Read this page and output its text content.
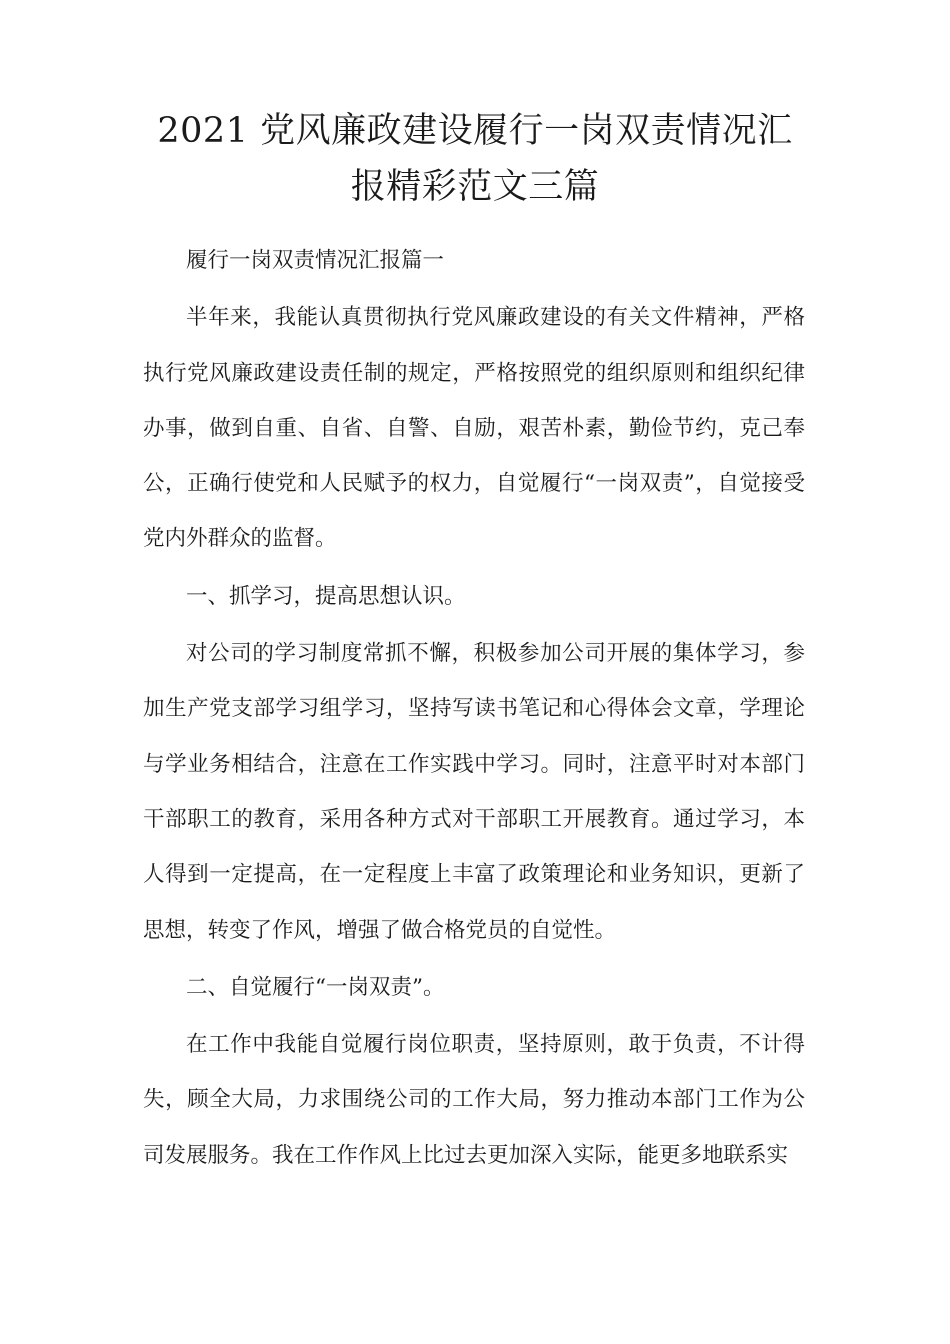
2021 党风廉政建设履行一岗双责情况汇
报精彩范文三篇

履行一岗双责情况汇报篇一

半年来，我能认真贯彻执行党风廉政建设的有关文件精神，严格执行党风廉政建设责任制的规定，严格按照党的组织原则和组织纪律办事，做到自重、自省、自警、自励，艰苦朴素，勤俭节约，克己奉公，正确行使党和人民赋予的权力，自觉履行“一岗双责”，自觉接受党内外群众的监督。

一、抓学习，提高思想认识。

对公司的学习制度常抓不懈，积极参加公司开展的集体学习，参加生产党支部学习组学习，坚持写读书笔记和心得体会文章，学理论与学业务相结合，注意在工作实践中学习。同时，注意平时对本部门干部职工的教育，采用各种方式对干部职工开展教育。通过学习，本人得到一定提高，在一定程度上丰富了政策理论和业务知识，更新了思想，转变了作风，增强了做合格党员的自觉性。

二、自觉履行“一岗双责”。

在工作中我能自觉履行岗位职责，坚持原则，敢于负责，不计得失，顾全大局，力求围绕公司的工作大局，努力推动本部门工作为公司发展服务。我在工作作风上比过去更加深入实际，能更多地联系实
